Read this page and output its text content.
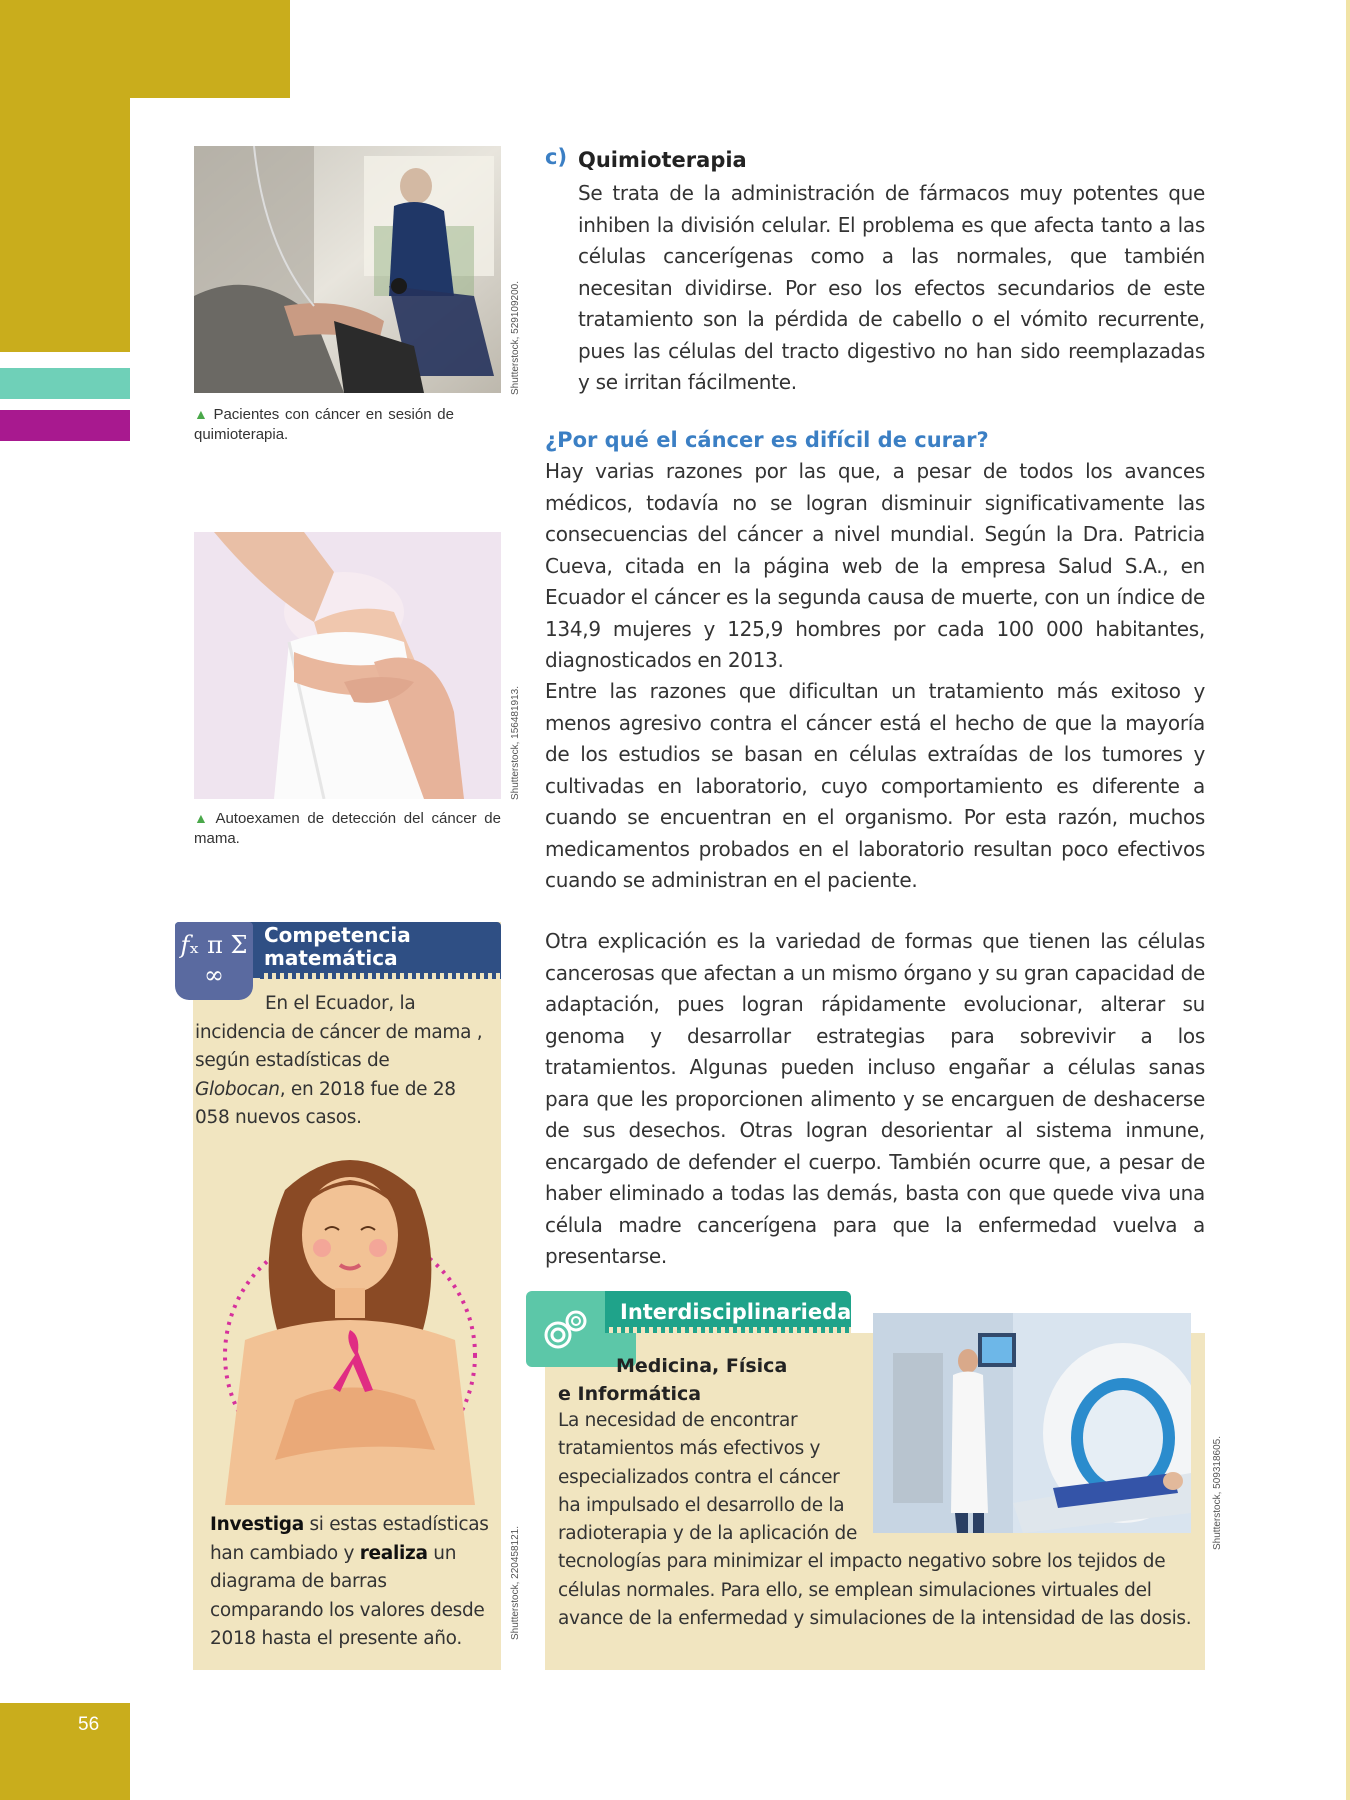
56
Shutterstock, 529109200.
▲ Pacientes con cáncer en sesión de quimioterapia.
Shutterstock, 156481913.
▲ Autoexamen de detección del cáncer de mama.
c) Quimioterapia

Se trata de la administración de fármacos muy potentes que inhiben la división celular. El problema es que afecta tanto a las células cancerígenas como a las normales, que también necesitan dividirse. Por eso los efectos secundarios de este tratamiento son la pérdida de cabello o el vómito recurrente, pues las células del tracto digestivo no han sido reemplazadas y se irritan fácilmente.

¿Por qué el cáncer es difícil de curar?

Hay varias razones por las que, a pesar de todos los avances médicos, todavía no se logran disminuir significativamente las consecuencias del cáncer a nivel mundial. Según la Dra. Patricia Cueva, citada en la página web de la empresa Salud S.A., en Ecuador el cáncer es la segunda causa de muerte, con un índice de 134,9 mujeres y 125,9 hombres por cada 100 000 habitantes, diagnosticados en 2013.

Entre las razones que dificultan un tratamiento más exitoso y menos agresivo contra el cáncer está el hecho de que la mayoría de los estudios se basan en células extraídas de los tumores y cultivadas en laboratorio, cuyo comportamiento es diferente a cuando se encuentran en el organismo. Por esta razón, muchos medicamentos probados en el laboratorio resultan poco efectivos cuando se administran en el paciente.

Otra explicación es la variedad de formas que tienen las células cancerosas que afectan a un mismo órgano y su gran capacidad de adaptación, pues logran rápidamente evolucionar, alterar su genoma y desarrollar estrategias para sobrevivir a los tratamientos. Algunas pueden incluso engañar a células sanas para que les proporcionen alimento y se encarguen de deshacerse de sus desechos. Otras logran desorientar al sistema inmune, encargado de defender el cuerpo. También ocurre que, a pesar de haber eliminado a todas las demás, basta con que quede viva una célula madre cancerígena para que la enfermedad vuelva a presentarse.

𝑓ₓ π Σ ∞
Competencia matemática
En el Ecuador, la incidencia de cáncer de mama , según estadísticas de Globocan, en 2018 fue de 28 058 nuevos casos.
Shutterstock, 220458121.
Investiga si estas estadísticas han cambiado y realiza un diagrama de barras comparando los valores desde 2018 hasta el presente año.
Interdisciplinariedad
Medicina, Física
e Informática
Shutterstock, 509318605.

La necesidad de encontrar tratamientos más efectivos y especializados contra el cáncer ha impulsado el desarrollo de la radioterapia y de la aplicación de tecnologías para minimizar el impacto negativo sobre los tejidos de células normales. Para ello, se emplean simulaciones virtuales del avance de la enfermedad y simulaciones de la intensidad de las dosis.
